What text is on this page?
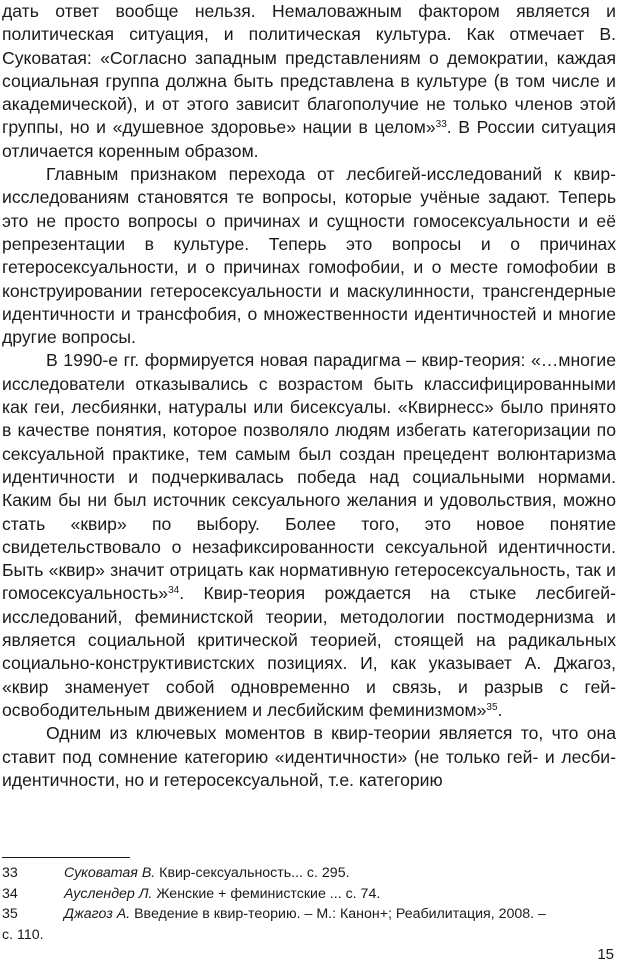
дать ответ вообще нельзя. Немаловажным фактором является и политическая ситуация, и политическая культура. Как отмечает В. Суковатая: «Согласно западным представлениям о демократии, каждая социальная группа должна быть представлена в культуре (в том числе и академической), и от этого зависит благополучие не только членов этой группы, но и «душевное здоровье» нации в целом»$^{33}$. В России ситуация отличается коренным образом.

Главным признаком перехода от лесбигей-исследований к квир-исследованиям становятся те вопросы, которые учёные задают. Теперь это не просто вопросы о причинах и сущности гомосексуальности и её репрезентации в культуре. Теперь это вопросы и о причинах гетеросексуальности, и о причинах гомофобии, и о месте гомофобии в конструировании гетеросексуальности и маскулинности, трансгендерные идентичности и трансфобия, о множественности идентичностей и многие другие вопросы.

В 1990-е гг. формируется новая парадигма – квир-теория: «…многие исследователи отказывались с возрастом быть классифицированными как геи, лесбиянки, натуралы или бисексуалы. «Квирнесс» было принято в качестве понятия, которое позволяло людям избегать категоризации по сексуальной практике, тем самым был создан прецедент волюнтаризма идентичности и подчеркивалась победа над социальными нормами. Каким бы ни был источник сексуального желания и удовольствия, можно стать «квир» по выбору. Более того, это новое понятие свидетельствовало о незафиксированности сексуальной идентичности. Быть «квир» значит отрицать как нормативную гетеросексуальность, так и гомосексуальность»$^{34}$. Квир-теория рождается на стыке лесбигей-исследований, феминистской теории, методологии постмодернизма и является социальной критической теорией, стоящей на радикальных социально-конструктивистских позициях. И, как указывает А. Джагоз, «квир знаменует собой одновременно и связь, и разрыв с гей-освободительным движением и лесбийским феминизмом»$^{35}$.

Одним из ключевых моментов в квир-теории является то, что она ставит под сомнение категорию «идентичности» (не только гей- и лесби-идентичности, но и гетеросексуальной, т.е. категорию

33	Суковатая В. Квир-сексуальность... с. 295.
34	Ауслендер Л. Женские + феминистские ... с. 74.
35	Джагоз А. Введение в квир-теорию. – М.: Канон+; Реабилитация, 2008. –
с. 110.
15
